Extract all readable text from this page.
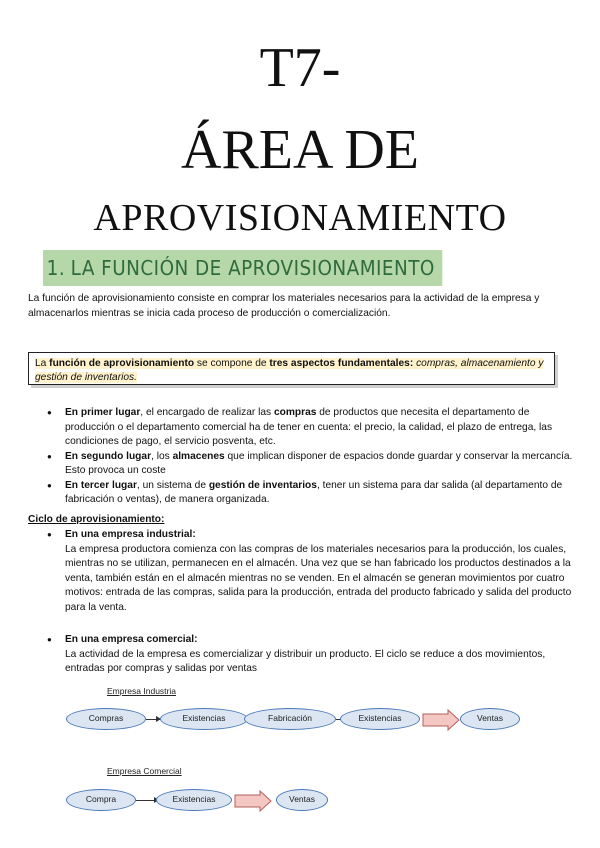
T7-
ÁREA DE
APROVISIONAMIENTO
1. LA FUNCIÓN DE APROVISIONAMIENTO
La función de aprovisionamiento consiste en comprar los materiales necesarios para la actividad de la empresa y almacenarlos mientras se inicia cada proceso de producción o comercialización.
La función de aprovisionamiento se compone de tres aspectos fundamentales: compras, almacenamiento y gestión de inventarios.
● En primer lugar, el encargado de realizar las compras de productos que necesita el departamento de producción o el departamento comercial ha de tener en cuenta: el precio, la calidad, el plazo de entrega, las condiciones de pago, el servicio posventa, etc.
● En segundo lugar, los almacenes que implican disponer de espacios donde guardar y conservar la mercancía. Esto provoca un coste
● En tercer lugar, un sistema de gestión de inventarios, tener un sistema para dar salida (al departamento de fabricación o ventas), de manera organizada.
Ciclo de aprovisionamiento:
● En una empresa industrial:
La empresa productora comienza con las compras de los materiales necesarios para la producción, los cuales, mientras no se utilizan, permanecen en el almacén. Una vez que se han fabricado los productos destinados a la venta, también están en el almacén mientras no se venden. En el almacén se generan movimientos por cuatro motivos: entrada de las compras, salida para la producción, entrada del producto fabricado y salida del producto para la venta.
● En una empresa comercial:
La actividad de la empresa es comercializar y distribuir un producto. El ciclo se reduce a dos movimientos, entradas por compras y salidas por ventas
Empresa Industria
Compras	Existencias	Fabricación	Existencias	Ventas
Empresa Comercial
Compra	Existencias	Ventas
